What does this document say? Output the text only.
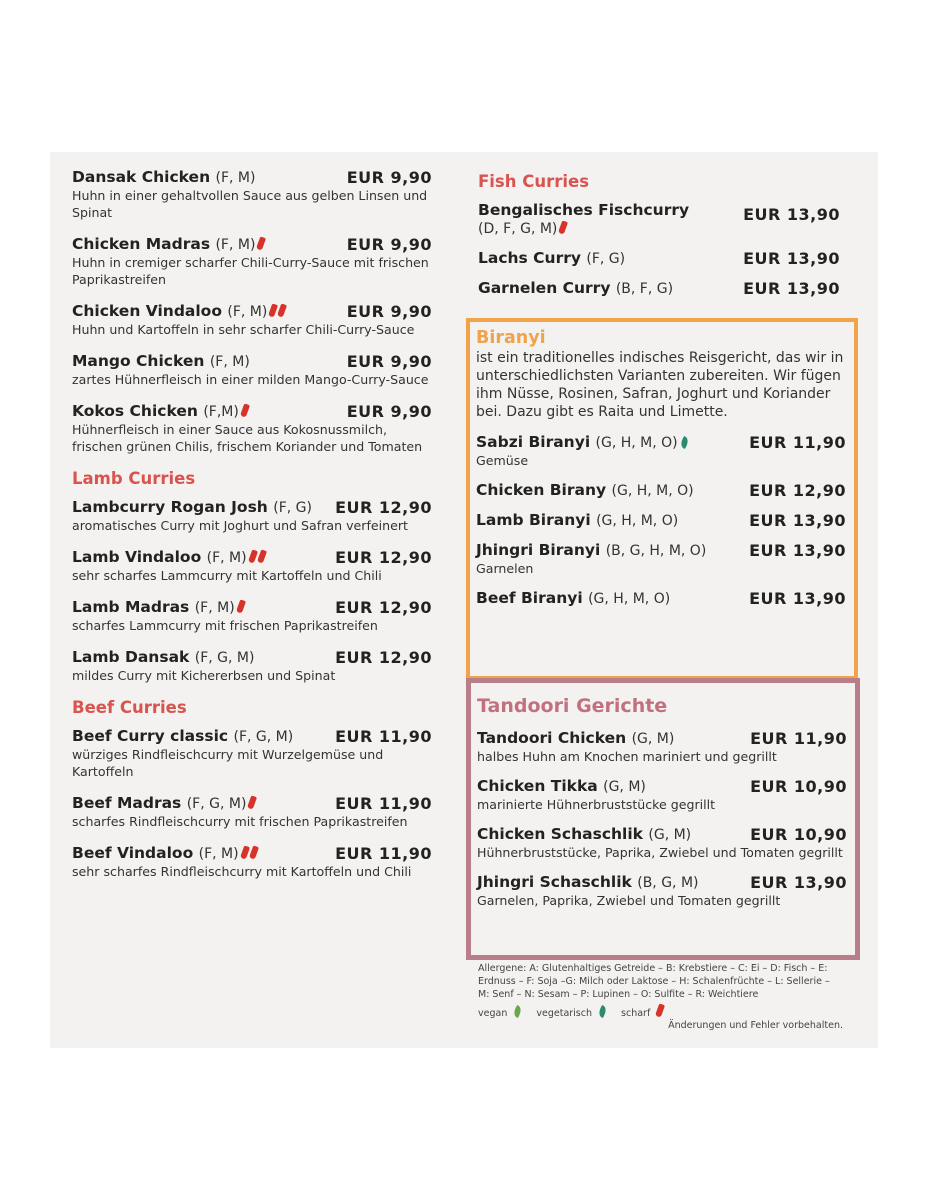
Dansak Chicken (F, M)	EUR 9,90
Huhn in einer gehaltvollen Sauce aus gelben Linsen und Spinat
Chicken Madras (F, M)	EUR 9,90
Huhn in cremiger scharfer Chili-Curry-Sauce mit frischen Paprikastreifen
Chicken Vindaloo (F, M)	EUR 9,90
Huhn und Kartoffeln in sehr scharfer Chili-Curry-Sauce
Mango Chicken (F, M)	EUR 9,90
zartes Hühnerfleisch in einer milden Mango-Curry-Sauce
Kokos Chicken (F,M)	EUR 9,90
Hühnerfleisch in einer Sauce aus Kokosnussmilch, frischen grünen Chilis, frischem Koriander und Tomaten
Lamb Curries
Lambcurry Rogan Josh (F, G)	EUR 12,90
aromatisches Curry mit Joghurt und Safran verfeinert
Lamb Vindaloo (F, M)	EUR 12,90
sehr scharfes Lammcurry mit Kartoffeln und Chili
Lamb Madras (F, M)	EUR 12,90
scharfes Lammcurry mit frischen Paprikastreifen
Lamb Dansak (F, G, M)	EUR 12,90
mildes Curry mit Kichererbsen und Spinat
Beef Curries
Beef Curry classic (F, G, M)	EUR 11,90
würziges Rindfleischcurry mit Wurzelgemüse und Kartoffeln
Beef Madras (F, G, M)	EUR 11,90
scharfes Rindfleischcurry mit frischen Paprikastreifen
Beef Vindaloo (F, M)	EUR 11,90
sehr scharfes Rindfleischcurry mit Kartoffeln und Chili
Fish Curries
Bengalisches Fischcurry (D, F, G, M)
EUR 13,90
Lachs Curry (F, G)	EUR 13,90
Garnelen Curry (B, F, G)	EUR 13,90
Biranyi
ist ein traditionelles indisches Reisgericht, das wir in unterschiedlichsten Varianten zubereiten. Wir fügen ihm Nüsse, Rosinen, Safran, Joghurt und Koriander bei. Dazu gibt es Raita und Limette.
Sabzi Biranyi (G, H, M, O)	EUR 11,90
Gemüse
Chicken Birany (G, H, M, O)	EUR 12,90
Lamb Biranyi (G, H, M, O)	EUR 13,90
Jhingri Biranyi (B, G, H, M, O)	EUR 13,90
Garnelen
Beef Biranyi (G, H, M, O)	EUR 13,90
Tandoori Gerichte
Tandoori Chicken (G, M)	EUR 11,90
halbes Huhn am Knochen mariniert und gegrillt
Chicken Tikka (G, M)	EUR 10,90
marinierte Hühnerbruststücke gegrillt
Chicken Schaschlik (G, M)	EUR 10,90
Hühnerbruststücke, Paprika, Zwiebel und Tomaten gegrillt
Jhingri Schaschlik (B, G, M)	EUR 13,90
Garnelen, Paprika, Zwiebel und Tomaten gegrillt
Allergene: A: Glutenhaltiges Getreide – B: Krebstiere – C: Ei – D: Fisch – E: Erdnuss – F: Soja –G: Milch oder Laktose – H: Schalenfrüchte – L: Sellerie – M: Senf – N: Sesam – P: Lupinen – O: Sulfite – R: Weichtiere
vegan	vegetarisch	scharf
Änderungen und Fehler vorbehalten.
